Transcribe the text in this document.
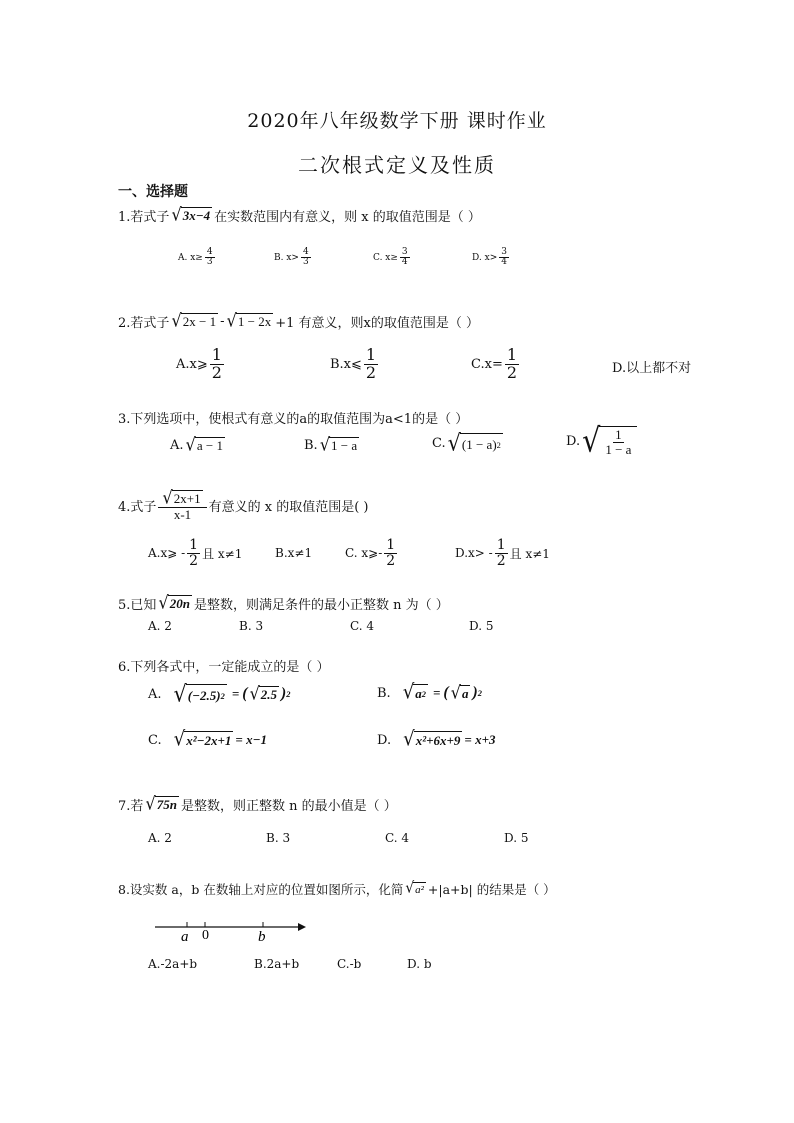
2020年八年级数学下册 课时作业
二次根式定义及性质
一、选择题
1.若式子 √ 3x−4 在实数范围内有意义，则 x 的取值范围是（ ）
A. $x\ge \frac{4}{3}$	B. x>
4
3	C. $x\ge \frac{3}{4}$	D. x>
3
4
2.若式子 √ 2x − 1 - √ 1 − 2x +1 有意义，则x的取值范围是（ ）
A.x⩾
1
2	B.x⩽
1
2	$C.x= \frac{1}{2}$	D.以上都不对
3.下列选项中，使根式有意义的a的取值范围为a<1的是（ ）
A. √ a − 1	B. √ 1 − a	C. √ (1 − a) 2	D. √ 1
1 − a
4.式子 √ 2x+1
x-1 有意义的 x 的取值范围是( )
A.x⩾ -
1
2 且 x≠1	B.x≠1	C. x⩾-
1
2	D.x> -
1
2 且 x≠1
5.已知 √ 20n 是整数，则满足条件的最小正整数 n 为（ ）
A. 2	B. 3	C. 4	D. 5
6.下列各式中，一定能成立的是（ ）
A. √ (−2.5) 2 = ( √ 2.5 ) 2	B. √ a 2 = ( √ a ) 2
C. √ x²−2x+1 = x−1	D. √ x²+6x+9 = x+3
7.若 √ 75n 是整数，则正整数 n 的最小值是（ ）
A. 2	B. 3	C. 4	D. 5
8.设实数 a，b 在数轴上对应的位置如图所示，化简 √ a² +|a+b| 的结果是（ ）
a 0	b
A.-2a+b	B.2a+b	C.-b	D. b
